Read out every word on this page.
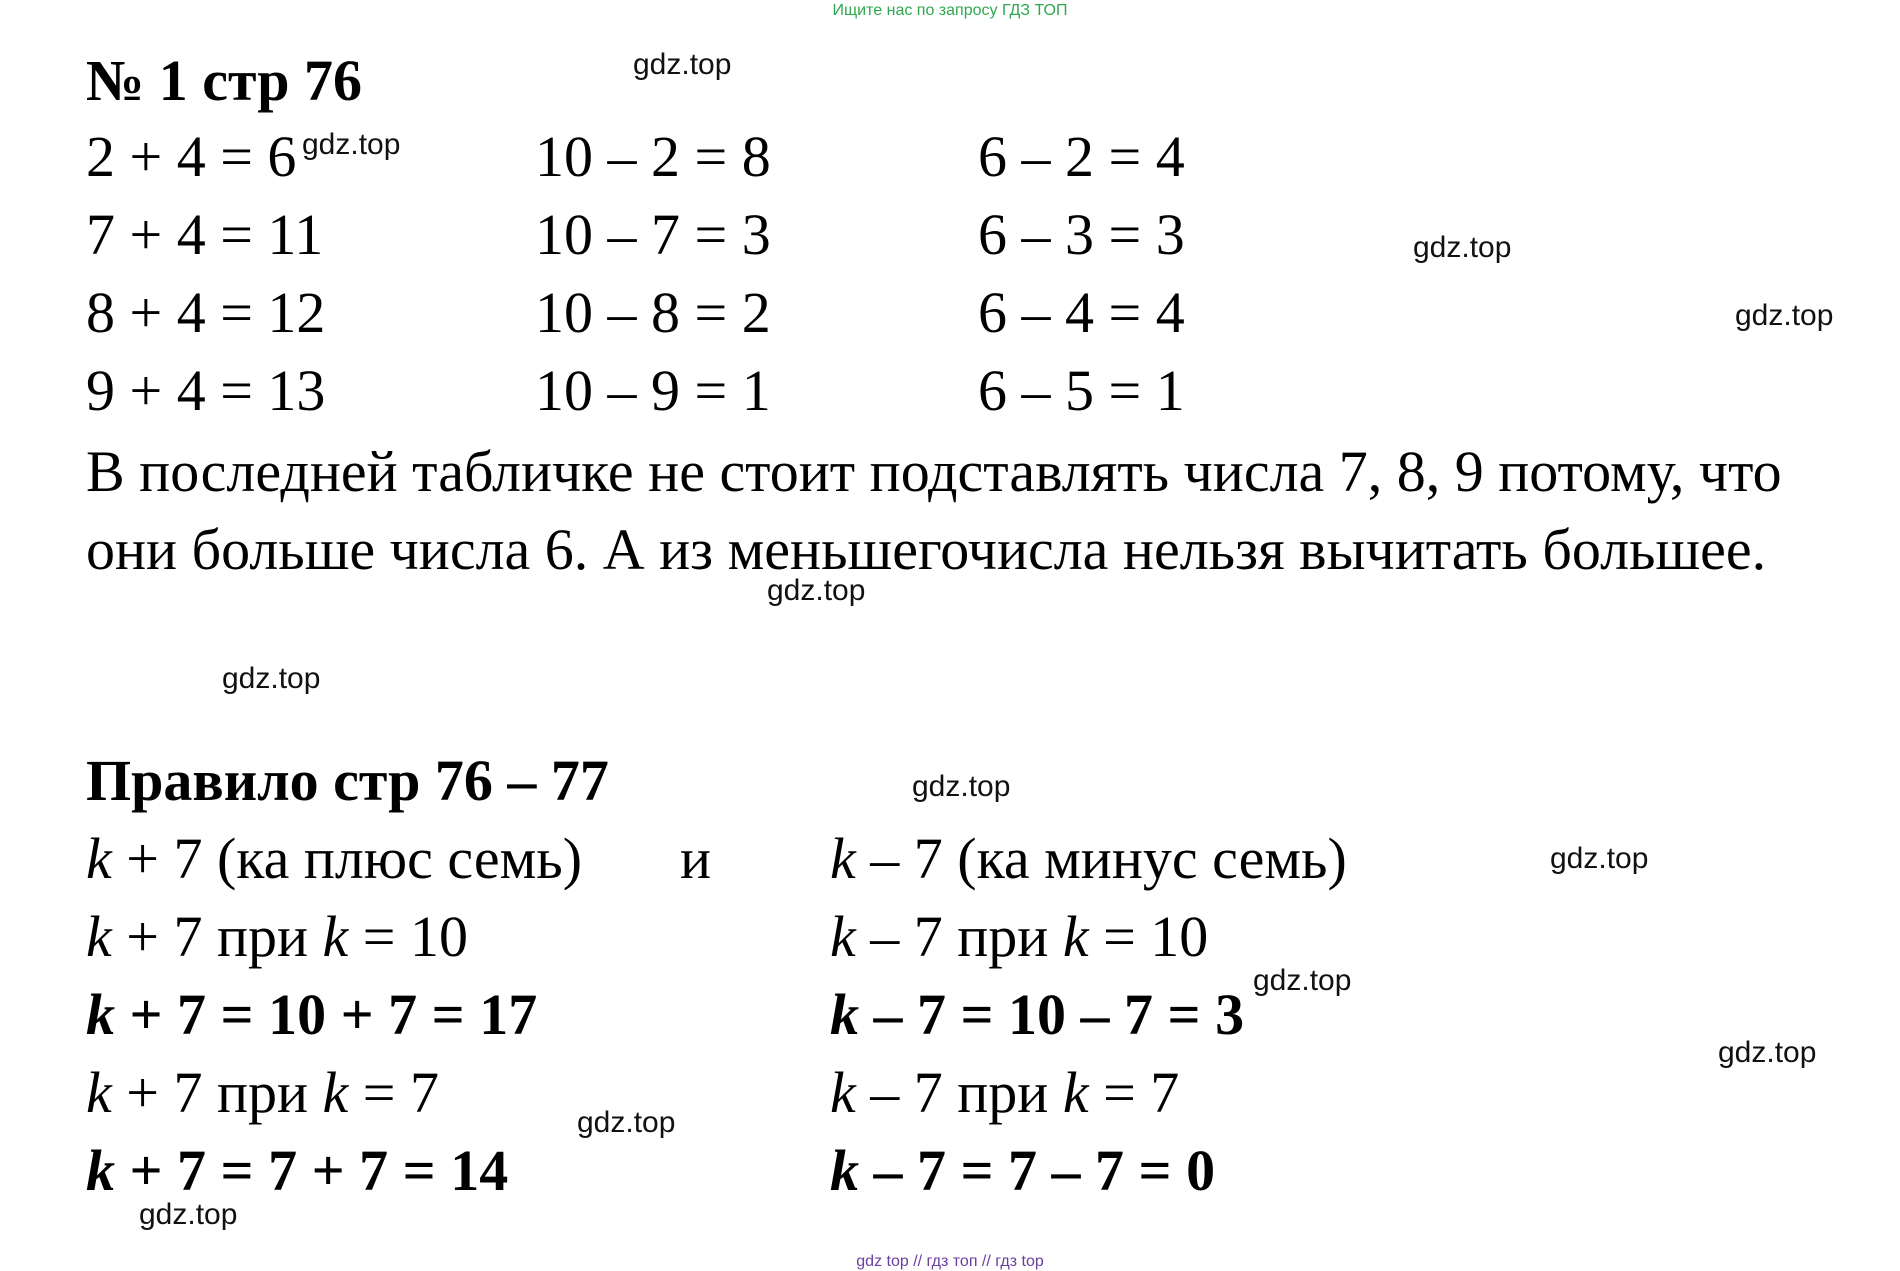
Ищите нас по запросу ГДЗ ТОП
№ 1 стр 76
2 + 4 = 6	10 – 2 = 8	6 – 2 = 4
7 + 4 = 11	10 – 7 = 3	6 – 3 = 3
8 + 4 = 12	10 – 8 = 2	6 – 4 = 4
9 + 4 = 13	10 – 9 = 1	6 – 5 = 1
В последней табличке не стоит подставлять числа 7, 8, 9 потому, что
они больше числа 6. А из меньшегочисла нельзя вычитать большее.
Правило стр 76 – 77
k + 7 (ка плюс семь) и k – 7 (ка минус семь)
k + 7 при k = 10	k – 7 при k = 10
k + 7 = 10 + 7 = 17	k – 7 = 10 – 7 = 3
k + 7 при k = 7	k – 7 при k = 7
k + 7 = 7 + 7 = 14	k – 7 = 7 – 7 = 0
gdz.top
gdz.top
gdz.top
gdz.top
gdz.top
gdz.top
gdz.top
gdz.top
gdz.top
gdz.top
gdz.top
gdz.top
gdz top // гдз топ // гдз top
